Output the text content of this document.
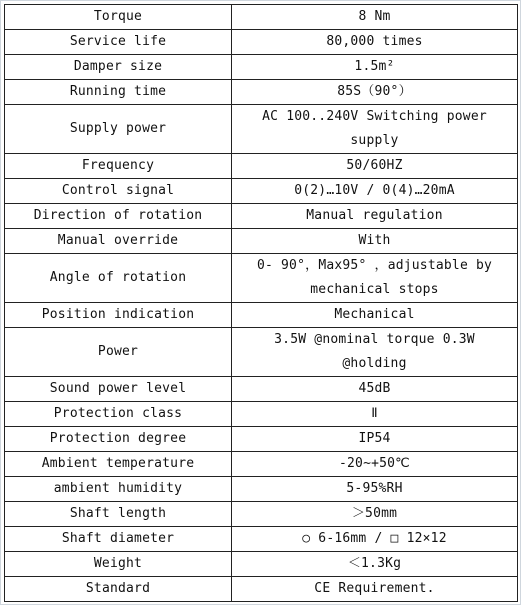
Torque	8 Nm
Service life	80,000 times
Damper size	1.5m²
Running time	85S（90°）
Supply power	AC 100..240V Switching power supply
Frequency	50/60HZ
Control signal	0(2)…10V / 0(4)…20mA
Direction of rotation	Manual regulation
Manual override	With
Angle of rotation	0- 90°，Max95° ，adjustable by mechanical stops
Position indication	Mechanical
Power	3.5W @nominal torque 0.3W @holding
Sound power level	45dB
Protection class	Ⅱ
Protection degree	IP54
Ambient temperature	-20~+50℃
ambient humidity	5-95%RH
Shaft length	＞50mm
Shaft diameter	○ 6-16mm / □ 12×12
Weight	＜1.3Kg
Standard	CE Requirement.
